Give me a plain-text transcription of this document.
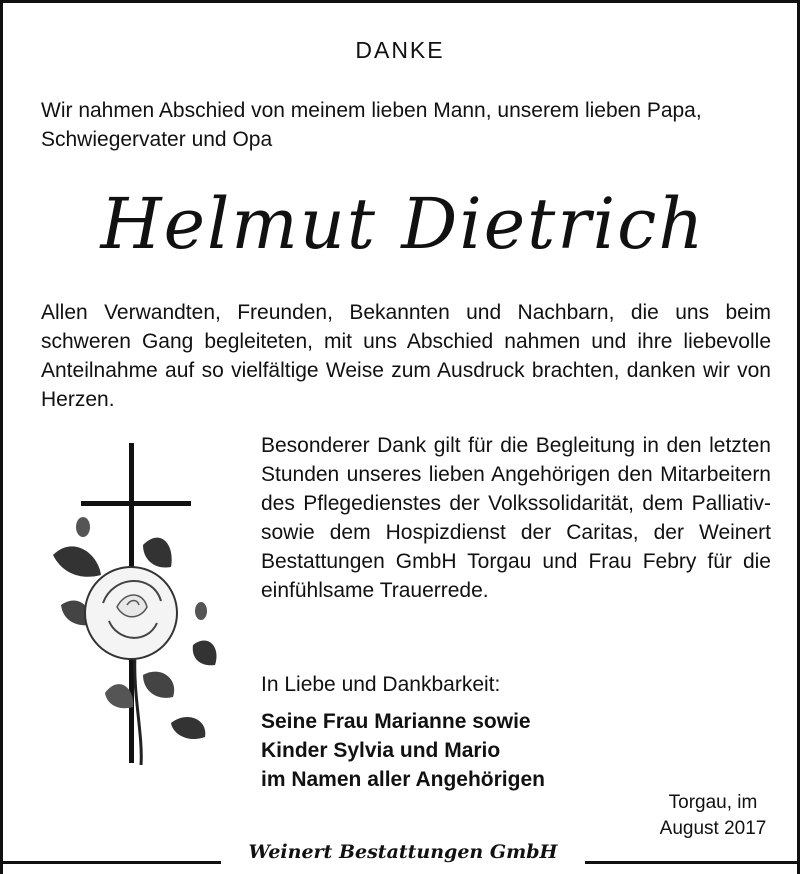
DANKE
Wir nahmen Abschied von meinem lieben Mann, unserem lieben Papa, Schwiegervater und Opa
Helmut Dietrich
Allen Verwandten, Freunden, Bekannten und Nachbarn, die uns beim schweren Gang begleiteten, mit uns Abschied nahmen und ihre liebevolle Anteilnahme auf so vielfältige Weise zum Ausdruck brachten, danken wir von Herzen.
Besonderer Dank gilt für die Begleitung in den letzten Stunden unseres lieben Angehörigen den Mitarbeitern des Pflegedienstes der Volkssolidarität, dem Palliativ- sowie dem Hospizdienst der Caritas, der Weinert Bestattungen GmbH Torgau und Frau Febry für die einfühlsame Trauerrede.
In Liebe und Dankbarkeit:
Seine Frau Marianne sowie
Kinder Sylvia und Mario
im Namen aller Angehörigen
Torgau, im
August 2017
Weinert Bestattungen GmbH
